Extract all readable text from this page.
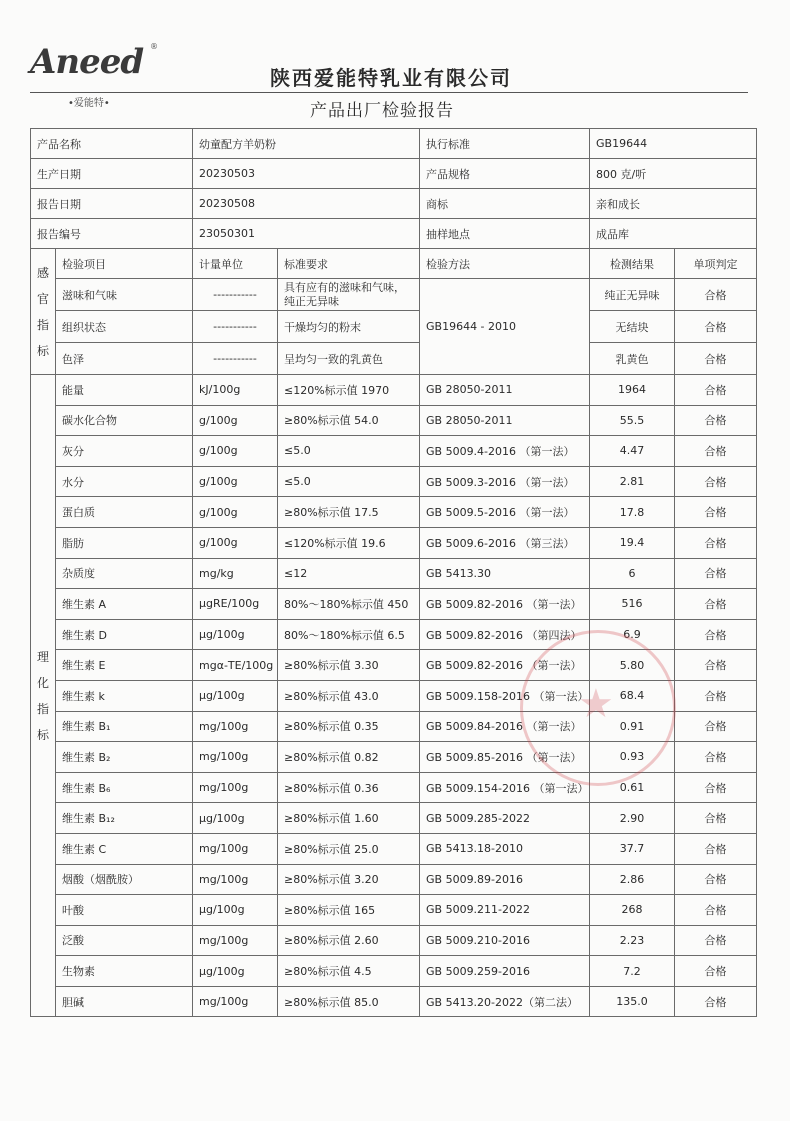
Aneed ®
•爱能特•
陕西爱能特乳业有限公司
产品出厂检验报告
产品名称		幼童配方羊奶粉		执行标准	GB19644	
生产日期		20230503		产品规格	800 克/听	
报告日期		20230508		商标	亲和成长	
报告编号		23050301		抽样地点	成品库	

感
官
指
标	检验项目	计量单位	标准要求	检验方法	检测结果	单项判定
	滋味和气味	-----------	具有应有的滋味和气味，纯正无异味	GB19644 - 2010	纯正无异味	合格
	组织状态	-----------	干燥均匀的粉末		无结块	合格
	色泽	-----------	呈均匀一致的乳黄色		乳黄色	合格

理
化
指
标	能量	kJ/100g	≤120%标示值 1970	GB 28050-2011	1964	合格
	碳水化合物	g/100g	≥80%标示值 54.0	GB 28050-2011	55.5	合格
	灰分	g/100g	≤5.0	GB 5009.4-2016 （第一法）	4.47	合格
	水分	g/100g	≤5.0	GB 5009.3-2016 （第一法）	2.81	合格
	蛋白质	g/100g	≥80%标示值 17.5	GB 5009.5-2016 （第一法）	17.8	合格
	脂肪	g/100g	≤120%标示值 19.6	GB 5009.6-2016 （第三法）	19.4	合格
	杂质度	mg/kg	≤12	GB 5413.30	6	合格
	维生素 A	μgRE/100g	80%～180%标示值 450	GB 5009.82-2016 （第一法）	516	合格
	维生素 D	μg/100g	80%～180%标示值 6.5	GB 5009.82-2016 （第四法）	6.9	合格
	维生素 E	mgα-TE/100g	≥80%标示值 3.30	GB 5009.82-2016 （第一法）	5.80	合格
	维生素 k	μg/100g	≥80%标示值 43.0	GB 5009.158-2016 （第一法）	68.4	合格
	维生素 B₁	mg/100g	≥80%标示值 0.35	GB 5009.84-2016 （第一法）	0.91	合格
	维生素 B₂	mg/100g	≥80%标示值 0.82	GB 5009.85-2016 （第一法）	0.93	合格
	维生素 B₆	mg/100g	≥80%标示值 0.36	GB 5009.154-2016 （第一法）	0.61	合格
	维生素 B₁₂	μg/100g	≥80%标示值 1.60	GB 5009.285-2022	2.90	合格
	维生素 C	mg/100g	≥80%标示值 25.0	GB 5413.18-2010	37.7	合格
	烟酸（烟酰胺）	mg/100g	≥80%标示值 3.20	GB 5009.89-2016	2.86	合格
	叶酸	μg/100g	≥80%标示值 165	GB 5009.211-2022	268	合格
	泛酸	mg/100g	≥80%标示值 2.60	GB 5009.210-2016	2.23	合格
	生物素	μg/100g	≥80%标示值 4.5	GB 5009.259-2016	7.2	合格
	胆碱	mg/100g	≥80%标示值 85.0	GB 5413.20-2022（第二法）	135.0	合格
★
